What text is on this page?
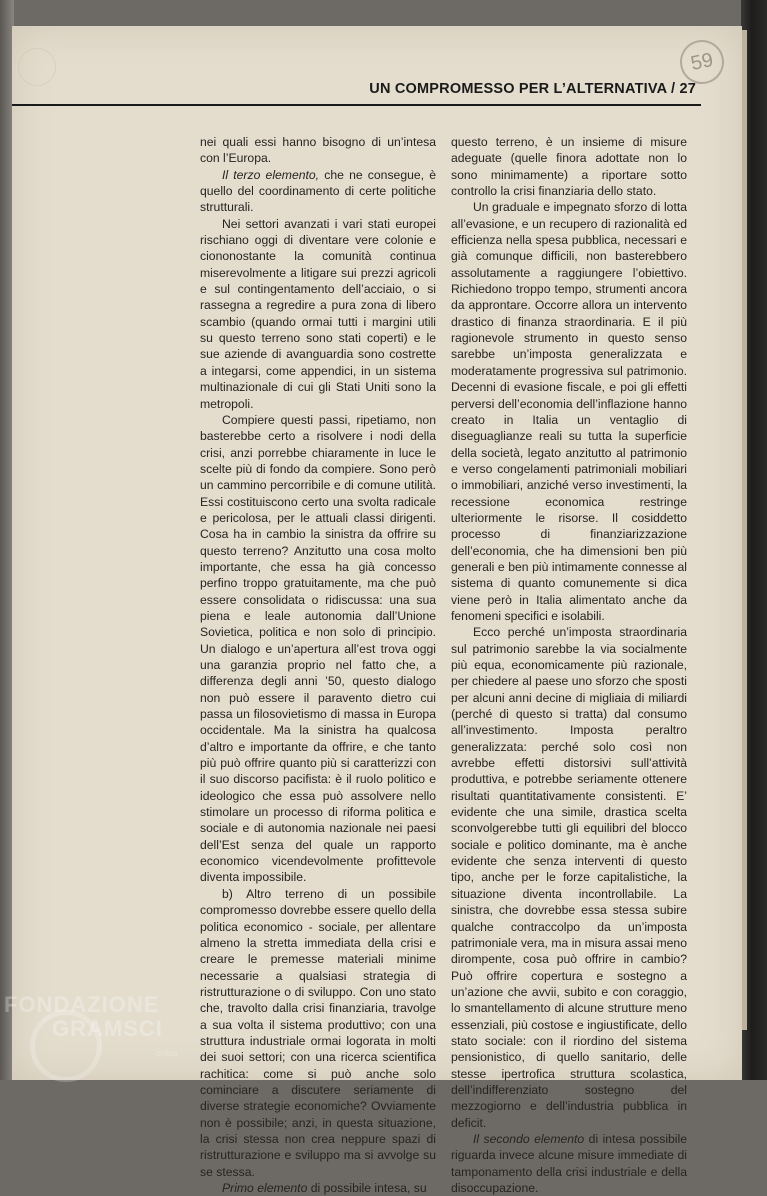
59
UN COMPROMESSO PER L’ALTERNATIVA / 27

nei quali essi hanno bisogno di un’intesa con l’Europa.

Il terzo elemento, che ne consegue, è quello del coordinamento di certe politiche strutturali.

Nei settori avanzati i vari stati europei rischiano oggi di diventare vere colonie e ciononostante la comunità continua miserevolmente a litigare sui prezzi agricoli e sul contingentamento dell’acciaio, o si rassegna a regredire a pura zona di libero scambio (quando ormai tutti i margini utili su questo terreno sono stati coperti) e le sue aziende di avanguardia sono costrette a integarsi, come appendici, in un sistema multinazionale di cui gli Stati Uniti sono la metropoli.

Compiere questi passi, ripetiamo, non basterebbe certo a risolvere i nodi della crisi, anzi porrebbe chiaramente in luce le scelte più di fondo da compiere. Sono però un cammino percorribile e di comune utilità. Essi costituiscono certo una svolta radicale e pericolosa, per le attuali classi dirigenti. Cosa ha in cambio la sinistra da offrire su questo terreno? Anzitutto una cosa molto importante, che essa ha già concesso perfino troppo gratuitamente, ma che può essere consolidata o ridiscussa: una sua piena e leale autonomia dall’Unione Sovietica, politica e non solo di principio. Un dialogo e un’apertura all’est trova oggi una garanzia proprio nel fatto che, a differenza degli anni ’50, questo dialogo non può essere il paravento dietro cui passa un filosovietismo di massa in Europa occidentale. Ma la sinistra ha qualcosa d’altro e importante da offrire, e che tanto più può offrire quanto più si caratterizzi con il suo discorso pacifista: è il ruolo politico e ideologico che essa può assolvere nello stimolare un processo di riforma politica e sociale e di autonomia nazionale nei paesi dell’Est senza del quale un rapporto economico vicendevolmente profittevole diventa impossibile.

b) Altro terreno di un possibile compromesso dovrebbe essere quello della politica economico - sociale, per allentare almeno la stretta immediata della crisi e creare le premesse materiali minime necessarie a qualsiasi strategia di ristrutturazione o di sviluppo. Con uno stato che, travolto dalla crisi finanziaria, travolge a sua volta il sistema produttivo; con una struttura industriale ormai logorata in molti dei suoi settori; con una ricerca scientifica rachitica: come si può anche solo cominciare a discutere seriamente di diverse strategie economiche? Ovviamente non è possibile; anzi, in questa situazione, la crisi stessa non crea neppure spazi di ristrutturazione e sviluppo ma si avvolge su se stessa.

Primo elemento di possibile intesa, su

questo terreno, è un insieme di misure adeguate (quelle finora adottate non lo sono minimamente) a riportare sotto controllo la crisi finanziaria dello stato.

Un graduale e impegnato sforzo di lotta all’evasione, e un recupero di razionalità ed efficienza nella spesa pubblica, necessari e già comunque difficili, non basterebbero assolutamente a raggiungere l’obiettivo. Richiedono troppo tempo, strumenti ancora da approntare. Occorre allora un intervento drastico di finanza straordinaria. E il più ragionevole strumento in questo senso sarebbe un’imposta generalizzata e moderatamente progressiva sul patrimonio. Decenni di evasione fiscale, e poi gli effetti perversi dell’economia dell’inflazione hanno creato in Italia un ventaglio di diseguaglianze reali su tutta la superficie della società, legato anzitutto al patrimonio e verso congelamenti patrimoniali mobiliari o immobiliari, anziché verso investimenti, la recessione economica restringe ulteriormente le risorse. Il cosiddetto processo di finanziarizzazione dell’economia, che ha dimensioni ben più generali e ben più intimamente connesse al sistema di quanto comunemente si dica viene però in Italia alimentato anche da fenomeni specifici e isolabili.

Ecco perché un’imposta straordinaria sul patrimonio sarebbe la via socialmente più equa, economicamente più razionale, per chiedere al paese uno sforzo che sposti per alcuni anni decine di migliaia di miliardi (perché di questo si tratta) dal consumo all’investimento. Imposta peraltro generalizzata: perché solo così non avrebbe effetti distorsivi sull’attività produttiva, e potrebbe seriamente ottenere risultati quantitativamente consistenti. E’ evidente che una simile, drastica scelta sconvolgerebbe tutti gli equilibri del blocco sociale e politico dominante, ma è anche evidente che senza interventi di questo tipo, anche per le forze capitalistiche, la situazione diventa incontrollabile. La sinistra, che dovrebbe essa stessa subire qualche contraccolpo da un’imposta patrimoniale vera, ma in misura assai meno dirompente, cosa può offrire in cambio? Può offrire copertura e sostegno a un’azione che avvii, subito e con coraggio, lo smantellamento di alcune strutture meno essenziali, più costose e ingiustificate, dello stato sociale: con il riordino del sistema pensionistico, di quello sanitario, delle stesse ipertrofica struttura scolastica, dell’indifferenziato sostegno del mezzogiorno e dell’industria pubblica in deficit.

Il secondo elemento di intesa possibile riguarda invece alcune misure immediate di tamponamento della crisi industriale e della disoccupazione.

FONDAZIONE
GRAMSCI
onlus
